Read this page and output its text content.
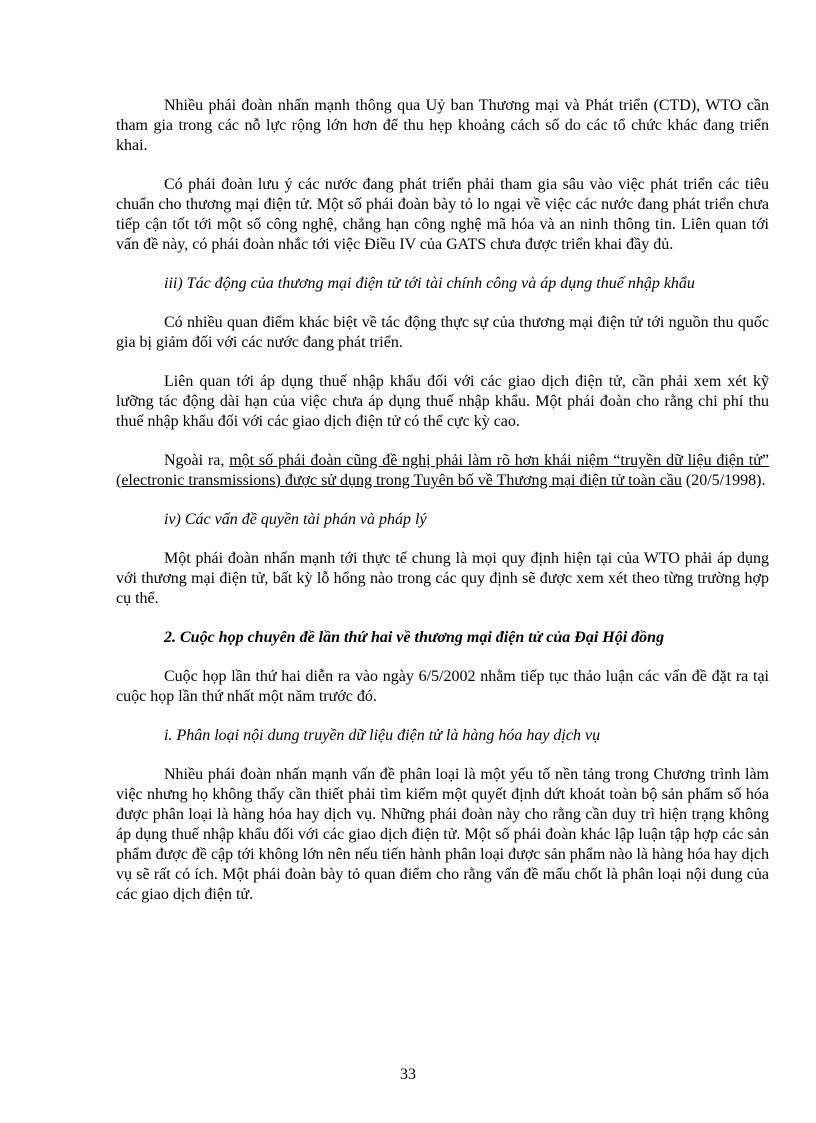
Nhiều phái đoàn nhấn mạnh thông qua Uỷ ban Thương mại và Phát triển (CTD), WTO cần tham gia trong các nỗ lực rộng lớn hơn để thu hẹp khoảng cách số do các tổ chức khác đang triển khai.

Có phái đoàn lưu ý các nước đang phát triển phải tham gia sâu vào việc phát triển các tiêu chuẩn cho thương mại điện tử. Một số phái đoàn bày tỏ lo ngại về việc các nước đang phát triển chưa tiếp cận tốt tới một số công nghệ, chẳng hạn công nghệ mã hóa và an ninh thông tin. Liên quan tới vấn đề này, có phái đoàn nhắc tới việc Điều IV của GATS chưa được triển khai đầy đủ.

iii) Tác động của thương mại điện tử tới tài chính công và áp dụng thuế nhập khẩu

Có nhiều quan điểm khác biệt về tác động thực sự của thương mại điện tử tới nguồn thu quốc gia bị giảm đối với các nước đang phát triển.

Liên quan tới áp dụng thuế nhập khẩu đối với các giao dịch điện tử, cần phải xem xét kỹ lưỡng tác động dài hạn của việc chưa áp dụng thuế nhập khẩu. Một phái đoàn cho rằng chi phí thu thuế nhập khẩu đối với các giao dịch điện tử có thể cực kỳ cao.

Ngoài ra, một số phái đoàn cũng đề nghị phải làm rõ hơn khái niệm “truyền dữ liệu điện tử” (electronic transmissions) được sử dụng trong Tuyên bố về Thương mại điện tử toàn cầu (20/5/1998).

iv) Các vấn đề quyền tài phán và pháp lý

Một phái đoàn nhấn mạnh tới thực tế chung là mọi quy định hiện tại của WTO phải áp dụng với thương mại điện tử, bất kỳ lỗ hổng nào trong các quy định sẽ được xem xét theo từng trường hợp cụ thể.

2. Cuộc họp chuyên đề lần thứ hai về thương mại điện tử của Đại Hội đồng

Cuộc họp lần thứ hai diễn ra vào ngày 6/5/2002 nhằm tiếp tục thảo luận các vấn đề đặt ra tại cuộc họp lần thứ nhất một năm trước đó.

i. Phân loại nội dung truyền dữ liệu điện tử là hàng hóa hay dịch vụ

Nhiều phái đoàn nhấn mạnh vấn đề phân loại là một yếu tố nền tảng trong Chương trình làm việc nhưng họ không thấy cần thiết phải tìm kiếm một quyết định dứt khoát toàn bộ sản phẩm số hóa được phân loại là hàng hóa hay dịch vụ. Những phái đoàn này cho rằng cần duy trì hiện trạng không áp dụng thuế nhập khẩu đối với các giao dịch điện tử. Một số phái đoàn khác lập luận tập hợp các sản phẩm được đề cập tới không lớn nên nếu tiến hành phân loại được sản phẩm nào là hàng hóa hay dịch vụ sẽ rất có ích. Một phái đoàn bày tỏ quan điểm cho rằng vấn đề mấu chốt là phân loại nội dung của các giao dịch điện tử.

33
